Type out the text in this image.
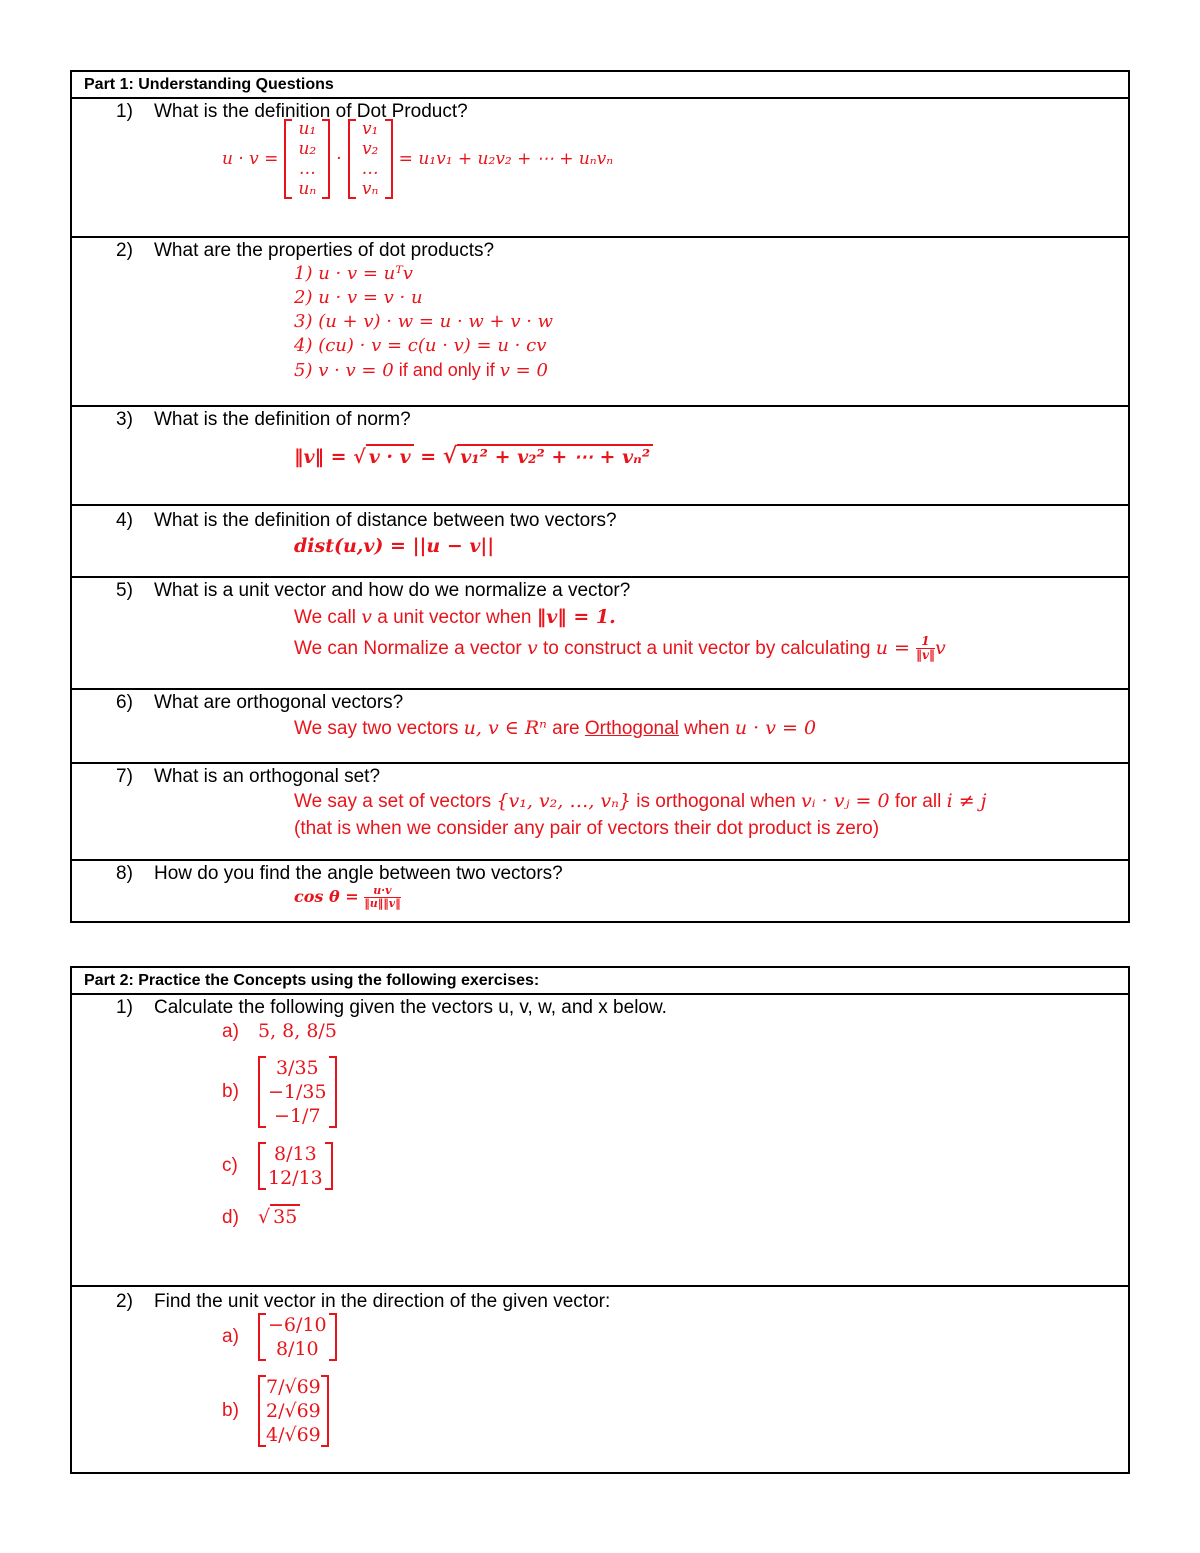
Part 1: Understanding Questions

1) What is the definition of Dot Product?
u · v =
u₁
u₂
…
uₙ
·
v₁
v₂
…
vₙ
= u₁v₁ + u₂v₂ + ⋯ + uₙvₙ

2) What are the properties of dot products?
1) u · v = uᵀv
2) u · v = v · u
3) (u + v) · w = u · w + v · w
4) (cu) · v = c(u · v) = u · cv
5) v · v = 0 if and only if v = 0

3) What is the definition of norm?
‖v‖ = √ v · v = √ v₁² + v₂² + ⋯ + vₙ²

4) What is the definition of distance between two vectors?
dist(u,v) = ||u − v||

5) What is a unit vector and how do we normalize a vector?
We call v a unit vector when ‖v‖ = 1.
We can Normalize a vector v to construct a unit vector by calculating $u = \frac{1}{‖v‖}$ v

6) What are orthogonal vectors?
We say two vectors u, v ∈ Rⁿ are Orthogonal when u · v = 0

7) What is an orthogonal set?
We say a set of vectors {v₁, v₂, …, vₙ} is orthogonal when vᵢ · vⱼ = 0 for all i ≠ j
(that is when we consider any pair of vectors their dot product is zero)

8) How do you find the angle between two vectors?
$\cos \theta = \frac{u\cdot v}{‖u‖‖v‖}$
Part 2: Practice the Concepts using the following exercises:

1) Calculate the following given the vectors u, v, w, and x below.
a) 5, 8, 8/5
b)
3/35
−1/35
−1/7
c)
8/13
12/13
d) √ 35

2) Find the unit vector in the direction of the given vector:
a)
−6/10
8/10
b)
7/√69
2/√69
4/√69
